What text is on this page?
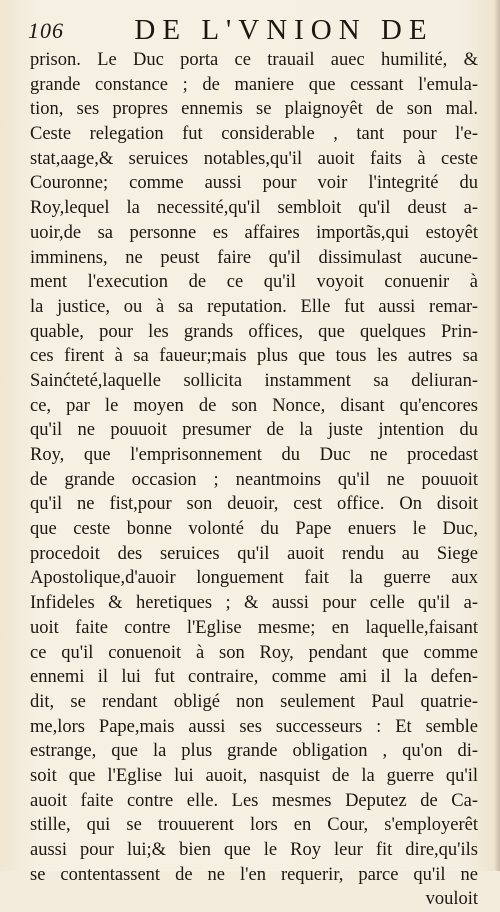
106	DE L'VNION DE
prison. Le Duc porta ce trauail auec humilité, &
grande constance ; de maniere que cessant l'emula-
tion, ses propres ennemis se plaignoyêt de son mal.
Ceste relegation fut considerable , tant pour l'e-
stat,aage,& seruices notables,qu'il auoit faits à ceste
Couronne; comme aussi pour voir l'integrité du
Roy,lequel la necessité,qu'il sembloit qu'il deust a-
uoir,de sa personne es affaires importãs,qui estoyêt
imminens, ne peust faire qu'il dissimulast aucune-
ment l'execution de ce qu'il voyoit conuenir à
la justice, ou à sa reputation. Elle fut aussi remar-
quable, pour les grands offices, que quelques Prin-
ces firent à sa faueur;mais plus que tous les autres sa
Sainćteté,laquelle sollicita instamment sa deliuran-
ce, par le moyen de son Nonce, disant qu'encores
qu'il ne pouuoit presumer de la juste jntention du
Roy, que l'emprisonnement du Duc ne procedast
de grande occasion ; neantmoins qu'il ne pouuoit
qu'il ne fist,pour son deuoir, cest office. On disoit
que ceste bonne volonté du Pape enuers le Duc,
procedoit des seruices qu'il auoit rendu au Siege
Apostolique,d'auoir longuement fait la guerre aux
Infideles & heretiques ; & aussi pour celle qu'il a-
uoit faite contre l'Eglise mesme; en laquelle,faisant
ce qu'il conuenoit à son Roy, pendant que comme
ennemi il lui fut contraire, comme ami il la defen-
dit, se rendant obligé non seulement Paul quatrie-
me,lors Pape,mais aussi ses successeurs : Et semble
estrange, que la plus grande obligation , qu'on di-
soit que l'Eglise lui auoit, nasquist de la guerre qu'il
auoit faite contre elle. Les mesmes Deputez de Ca-
stille, qui se trouuerent lors en Cour, s'employerêt
aussi pour lui;& bien que le Roy leur fit dire,qu'ils
se contentassent de ne l'en requerir, parce qu'il ne
vouloit
